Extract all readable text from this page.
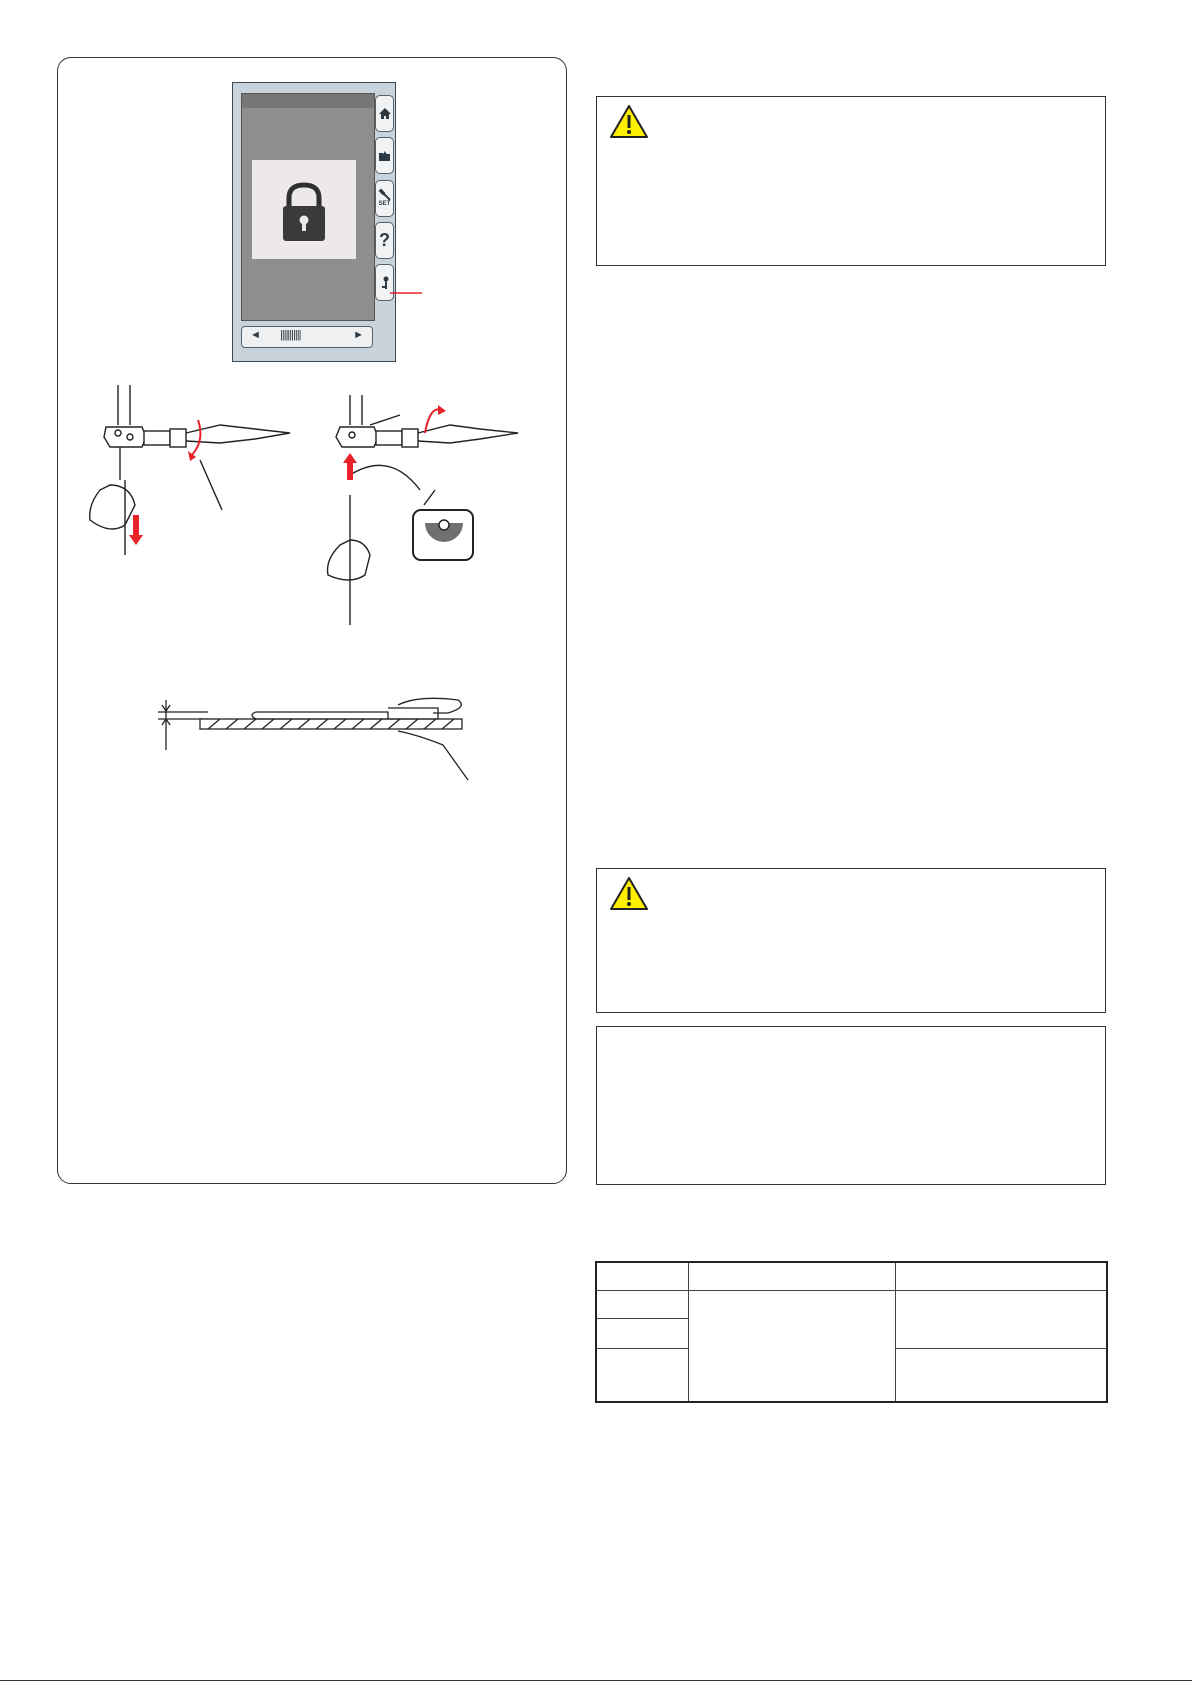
SET
?
◄ |||||||||||	►
